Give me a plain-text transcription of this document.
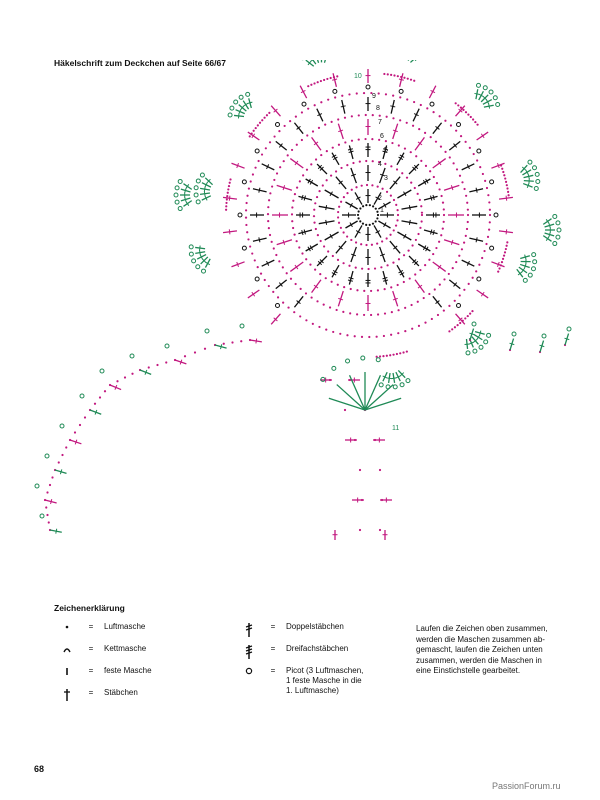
Häkelschrift zum Deckchen auf Seite 66/67
1
2
3
4
5
6
7
8
9
10
11
Zeichenerklärung
=	Luftmasche
=	Kettmasche
=	feste Masche
=	Stäbchen
=	Doppelstäbchen
=	Dreifachstäbchen
=	Picot (3 Luftmaschen,
1 feste Masche in die
1. Luftmasche)
Laufen die Zeichen oben zusammen,
werden die Maschen zusammen ab-
gemascht, laufen die Zeichen unten
zusammen, werden die Maschen in
eine Einstichstelle gearbeitet.
68
PassionForum.ru
